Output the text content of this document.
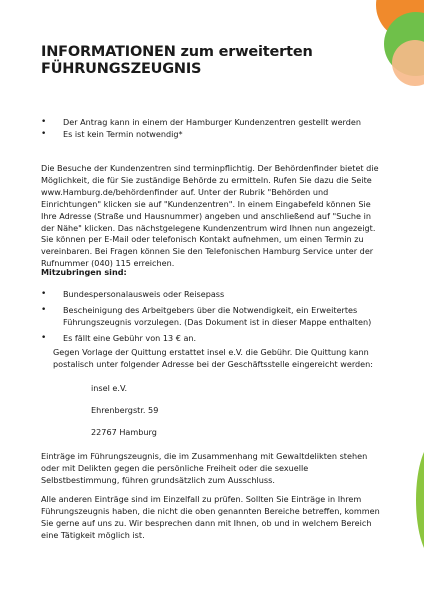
INFORMATIONEN zum erweiterten
FÜHRUNGSZEUGNIS
• Der Antrag kann in einem der Hamburger Kundenzentren gestellt werden
• Es ist kein Termin notwendig*

Die Besuche der Kundenzentren sind terminpflichtig. Der Behördenfinder bietet die Möglichkeit, die für Sie zuständige Behörde zu ermitteln. Rufen Sie dazu die Seite www.Hamburg.de/behördenfinder auf. Unter der Rubrik "Behörden und Einrichtungen" klicken sie auf "Kundenzentren". In einem Eingabefeld können Sie Ihre Adresse (Straße und Hausnummer) angeben und anschließend auf "Suche in der Nähe" klicken. Das nächstgelegene Kundenzentrum wird Ihnen nun angezeigt. Sie können per E-Mail oder telefonisch Kontakt aufnehmen, um einen Termin zu vereinbaren. Bei Fragen können Sie den Telefonischen Hamburg Service unter der Rufnummer (040) 115 erreichen.

Mitzubringen sind:

• Bundespersonalausweis oder Reisepass
• Bescheinigung des Arbeitgebers über die Notwendigkeit, ein Erweitertes Führungszeugnis vorzulegen. (Das Dokument ist in dieser Mappe enthalten)
• Es fällt eine Gebühr von 13 € an.

Gegen Vorlage der Quittung erstattet insel e.V. die Gebühr. Die Quittung kann postalisch unter folgender Adresse bei der Geschäftsstelle eingereicht werden:

insel e.V.

Ehrenbergstr. 59

22767 Hamburg

Einträge im Führungszeugnis, die im Zusammenhang mit Gewaltdelikten stehen oder mit Delikten gegen die persönliche Freiheit oder die sexuelle Selbstbestimmung, führen grundsätzlich zum Ausschluss.

Alle anderen Einträge sind im Einzelfall zu prüfen. Sollten Sie Einträge in Ihrem Führungszeugnis haben, die nicht die oben genannten Bereiche betreffen, kommen Sie gerne auf uns zu. Wir besprechen dann mit Ihnen, ob und in welchem Bereich eine Tätigkeit möglich ist.
